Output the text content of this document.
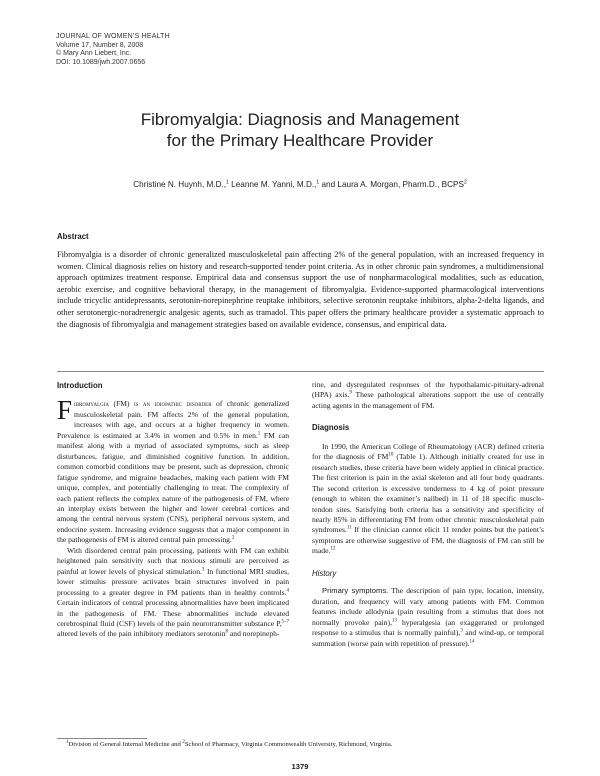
JOURNAL OF WOMEN’S HEALTH
Volume 17, Number 8, 2008
© Mary Ann Liebert, Inc.
DOI: 10.1089/jwh.2007.0656
Fibromyalgia: Diagnosis and Management
for the Primary Healthcare Provider
Christine N. Huynh, M.D.,$^1$ Leanne M. Yanni, M.D.,$^1$ and Laura A. Morgan, Pharm.D., BCPS$^2$
Abstract
Fibromyalgia is a disorder of chronic generalized musculoskeletal pain affecting 2% of the general population, with an increased frequency in women. Clinical diagnosis relies on history and research-supported tender point criteria. As in other chronic pain syndromes, a multidimensional approach optimizes treatment response. Empirical data and consensus support the use of nonpharmacological modalities, such as education, aerobic exercise, and cognitive behavioral therapy, in the management of fibromyalgia. Evidence-supported pharmacological interventions include tricyclic antidepressants, serotonin-norepinephrine reuptake inhibitors, selective serotonin reuptake inhibitors, alpha-2-delta ligands, and other serotonergic-noradrenergic analgesic agents, such as tramadol. This paper offers the primary healthcare provider a systematic approach to the diagnosis of fibromyalgia and management strategies based on available evidence, consensus, and empirical data.
Introduction

Fibromyalgia (FM) is an idiopathic disorder of chronic generalized musculoskeletal pain. FM affects 2% of the general population, increases with age, and occurs at a higher frequency in women. Prevalence is estimated at 3.4% in women and 0.5% in men.$^1$ FM can manifest along with a myriad of associated symptoms, such as sleep disturbances, fatigue, and diminished cognitive function. In addition, common comorbid conditions may be present, such as depression, chronic fatigue syndrome, and migraine headaches, making each patient with FM unique, complex, and potentially challenging to treat. The complexity of each patient reflects the complex nature of the pathogenesis of FM, where an interplay exists between the higher and lower cerebral cortices and among the central nervous system (CNS), peripheral nervous system, and endocrine system. Increasing evidence suggests that a major component in the pathogenesis of FM is altered central pain processing.$^2$

With disordered central pain processing, patients with FM can exhibit heightened pain sensitivity such that noxious stimuli are perceived as painful at lower levels of physical stimulation.$^3$ In functional MRI studies, lower stimulus pressure activates brain structures involved in pain processing to a greater degree in FM patients than in healthy controls.$^4$ Certain indicators of central processing abnormalities have been implicated in the pathogenesis of FM. These abnormalities include elevated cerebrospinal fluid (CSF) levels of the pain neurotransmitter substance P,$^{5-7}$ altered levels of the pain inhibitory mediators serotonin$^8$ and norepineph-

rine, and dysregulated responses of the hypothalamic-pituitary-adrenal (HPA) axis.$^9$ These pathological alterations support the use of centrally acting agents in the management of FM.

Diagnosis

In 1990, the American College of Rheumatology (ACR) defined criteria for the diagnosis of FM$^{10}$ (Table 1). Although initially created for use in research studies, these criteria have been widely applied in clinical practice. The first criterion is pain in the axial skeleton and all four body quadrants. The second criterion is excessive tenderness to 4 kg of point pressure (enough to whiten the examiner’s nailbed) in 11 of 18 specific muscle-tendon sites. Satisfying both criteria has a sensitivity and specificity of nearly 85% in differentiating FM from other chronic musculoskeletal pain syndromes.$^{11}$ If the clinician cannot elicit 11 tender points but the patient’s symptoms are otherwise suggestive of FM, the diagnosis of FM can still be made.$^{12}$

History

Primary symptoms. The description of pain type, location, intensity, duration, and frequency will vary among patients with FM. Common features include allodynia (pain resulting from a stimulus that does not normally provoke pain),$^{13}$ hyperalgesia (an exaggerated or prolonged response to a stimulus that is normally painful),$^3$ and wind-up, or temporal summation (worse pain with repetition of pressure).$^{14}$

$^1$Division of General Internal Medicine and $^2$School of Pharmacy, Virginia Commonwealth University, Richmond, Virginia.
1379
